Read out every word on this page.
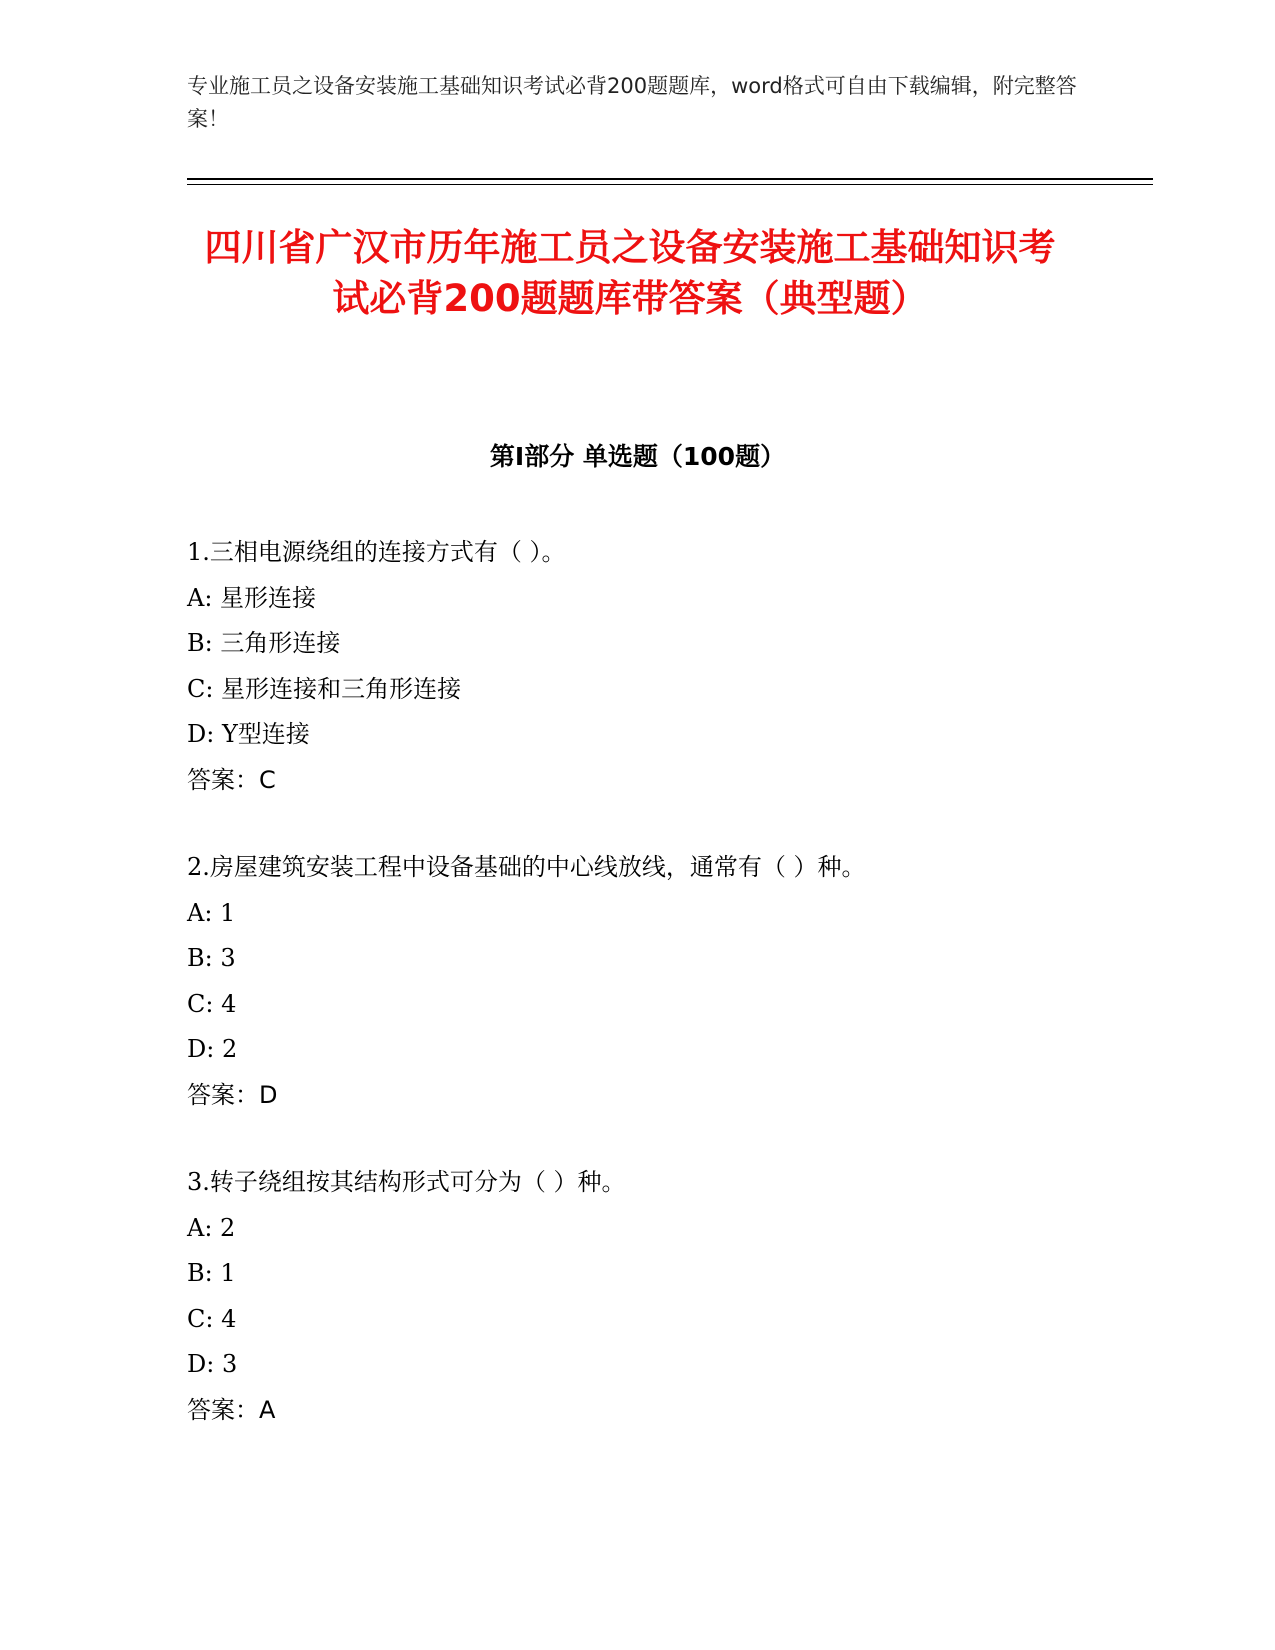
专业施工员之设备安装施工基础知识考试必背200题题库，word格式可自由下载编辑，附完整答案！
四川省广汉市历年施工员之设备安装施工基础知识考试必背200题题库带答案（典型题）
第Ⅰ部分 单选题（100题）
1.三相电源绕组的连接方式有（ ）。
A: 星形连接
B: 三角形连接
C: 星形连接和三角形连接
D: Y型连接
答案：C
2.房屋建筑安装工程中设备基础的中心线放线，通常有（ ）种。
A: 1
B: 3
C: 4
D: 2
答案：D
3.转子绕组按其结构形式可分为（ ）种。
A: 2
B: 1
C: 4
D: 3
答案：A
